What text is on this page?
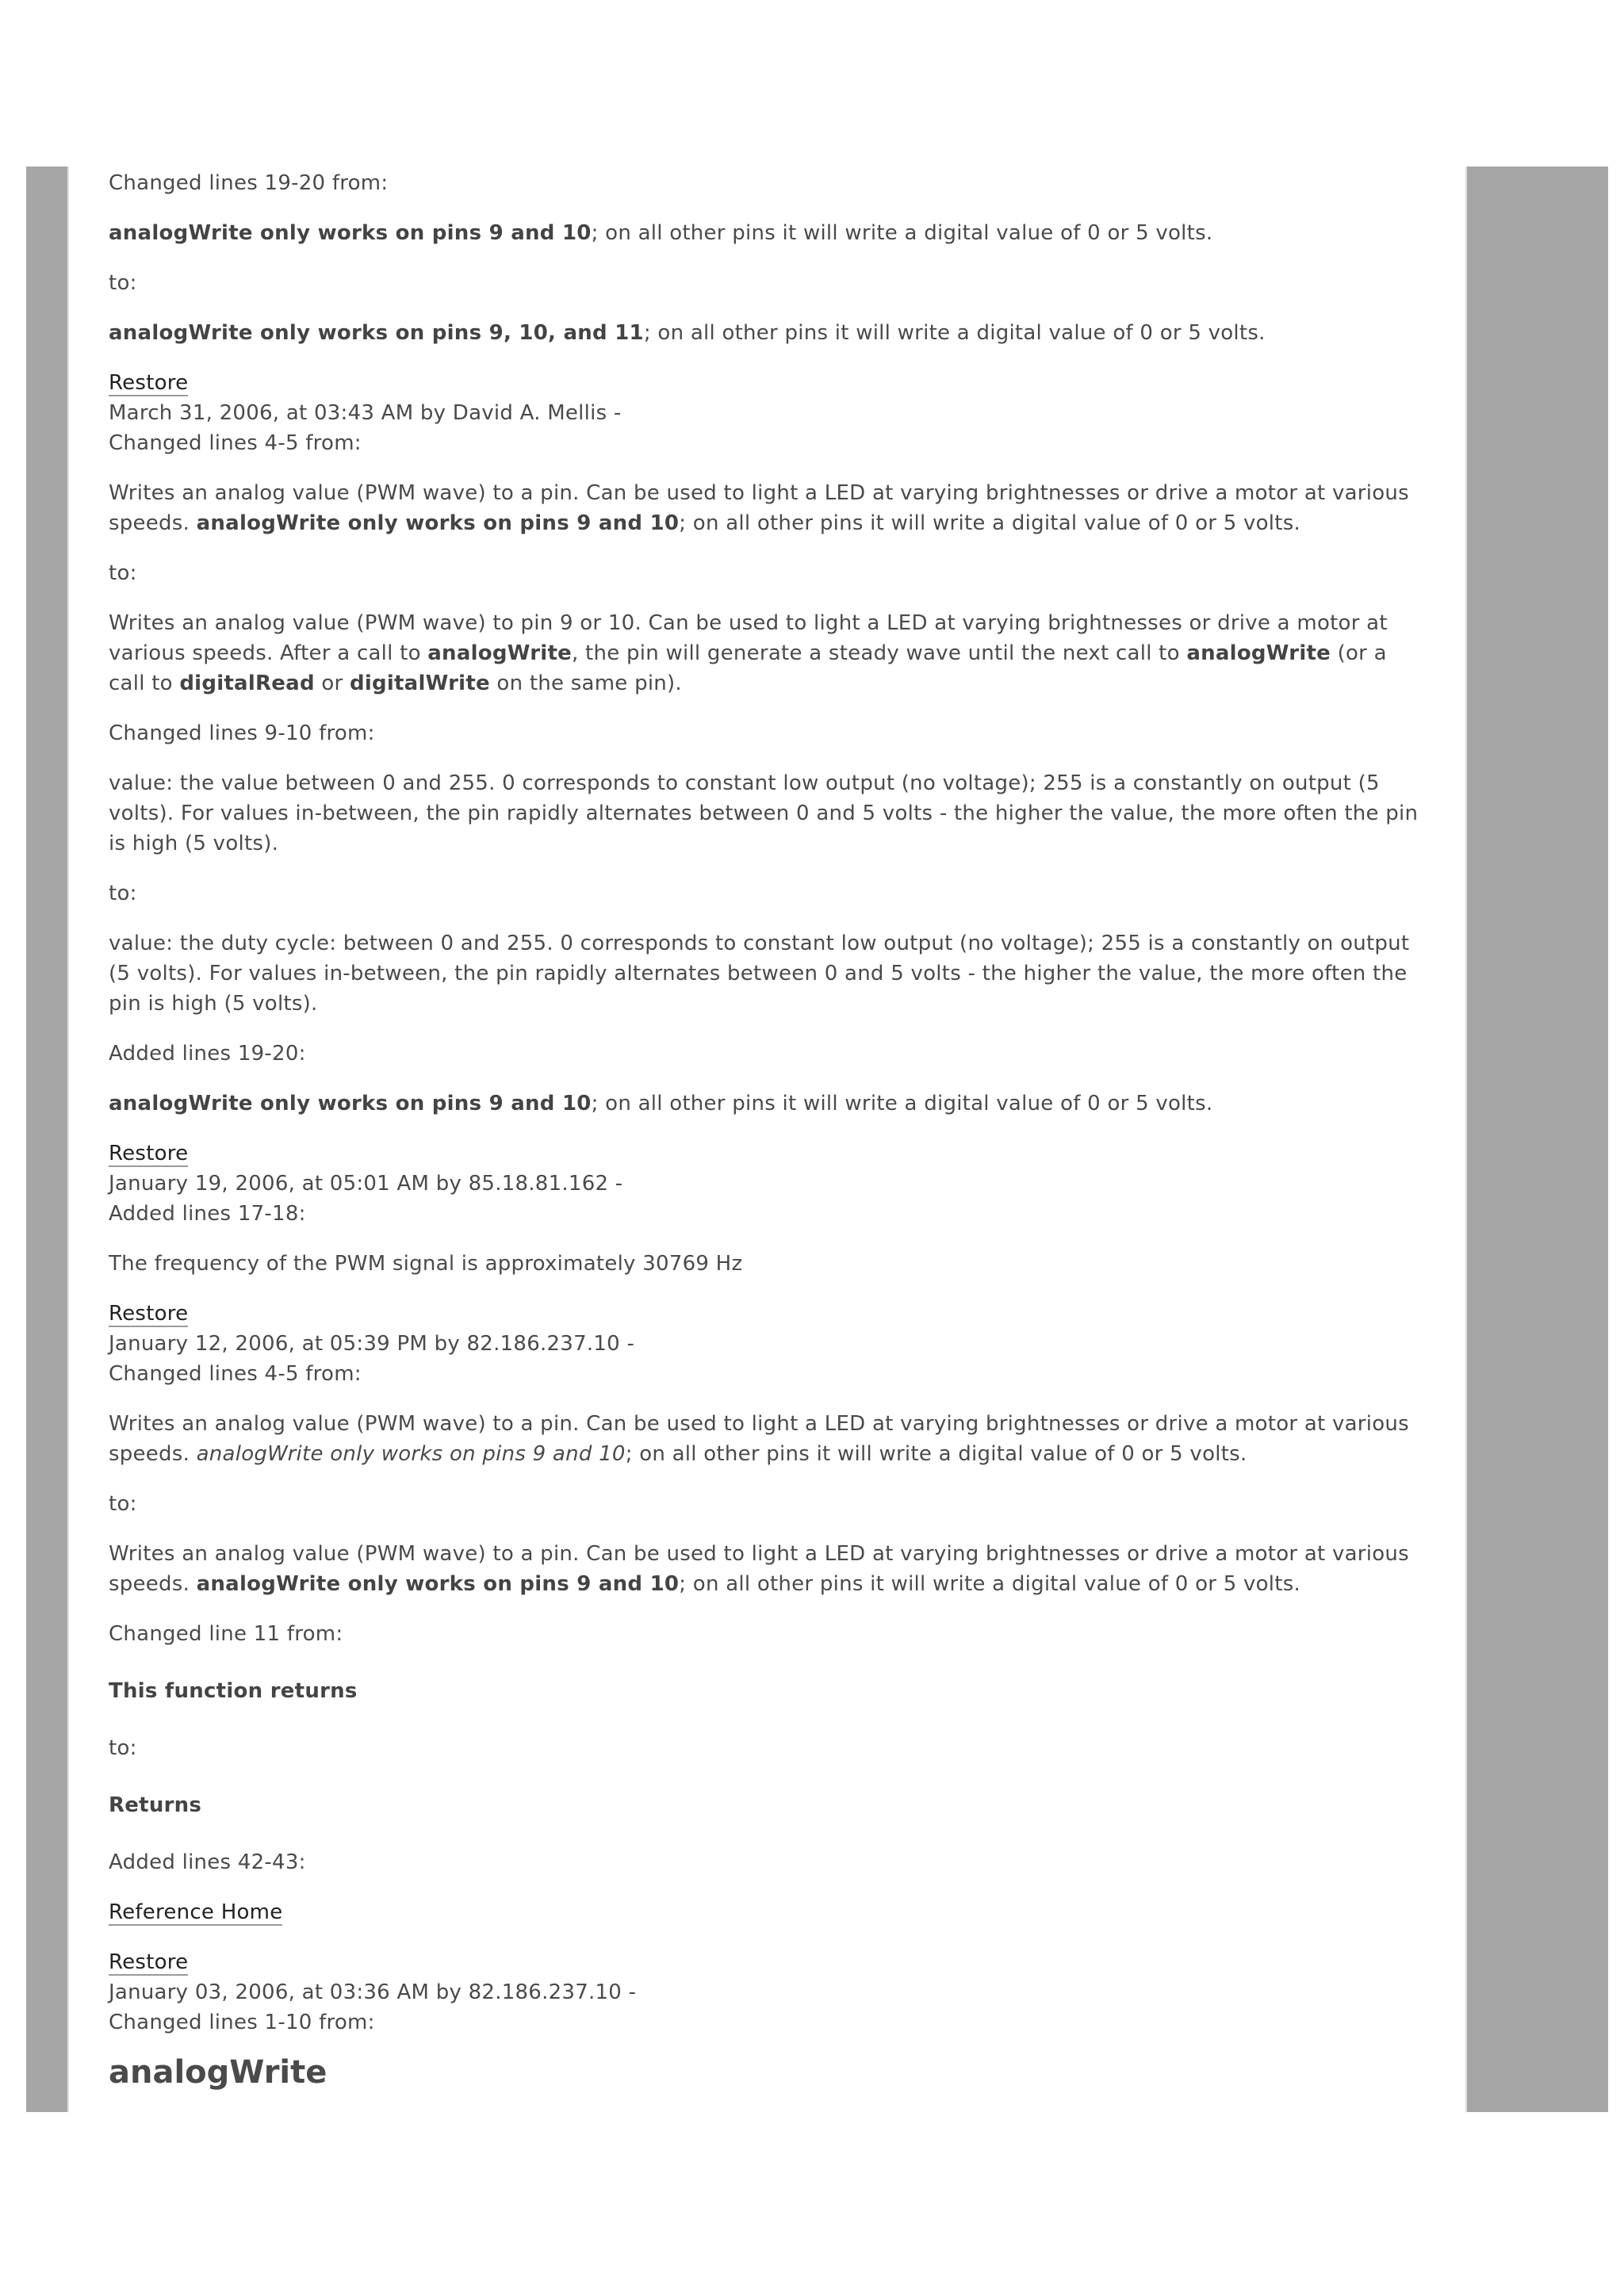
Changed lines 19-20 from:

analogWrite only works on pins 9 and 10; on all other pins it will write a digital value of 0 or 5 volts.

to:

analogWrite only works on pins 9, 10, and 11; on all other pins it will write a digital value of 0 or 5 volts.

Restore

March 31, 2006, at 03:43 AM by David A. Mellis -

Changed lines 4-5 from:

Writes an analog value (PWM wave) to a pin. Can be used to light a LED at varying brightnesses or drive a motor at various speeds. analogWrite only works on pins 9 and 10; on all other pins it will write a digital value of 0 or 5 volts.

to:

Writes an analog value (PWM wave) to pin 9 or 10. Can be used to light a LED at varying brightnesses or drive a motor at various speeds. After a call to analogWrite, the pin will generate a steady wave until the next call to analogWrite (or a call to digitalRead or digitalWrite on the same pin).

Changed lines 9-10 from:

value: the value between 0 and 255. 0 corresponds to constant low output (no voltage); 255 is a constantly on output (5 volts). For values in-between, the pin rapidly alternates between 0 and 5 volts - the higher the value, the more often the pin is high (5 volts).

to:

value: the duty cycle: between 0 and 255. 0 corresponds to constant low output (no voltage); 255 is a constantly on output (5 volts). For values in-between, the pin rapidly alternates between 0 and 5 volts - the higher the value, the more often the pin is high (5 volts).

Added lines 19-20:

analogWrite only works on pins 9 and 10; on all other pins it will write a digital value of 0 or 5 volts.

Restore

January 19, 2006, at 05:01 AM by 85.18.81.162 -

Added lines 17-18:

The frequency of the PWM signal is approximately 30769 Hz

Restore

January 12, 2006, at 05:39 PM by 82.186.237.10 -

Changed lines 4-5 from:

Writes an analog value (PWM wave) to a pin. Can be used to light a LED at varying brightnesses or drive a motor at various speeds. analogWrite only works on pins 9 and 10; on all other pins it will write a digital value of 0 or 5 volts.

to:

Writes an analog value (PWM wave) to a pin. Can be used to light a LED at varying brightnesses or drive a motor at various speeds. analogWrite only works on pins 9 and 10; on all other pins it will write a digital value of 0 or 5 volts.

Changed line 11 from:

This function returns

to:

Returns

Added lines 42-43:

Reference Home

Restore

January 03, 2006, at 03:36 AM by 82.186.237.10 -

Changed lines 1-10 from:

analogWrite
